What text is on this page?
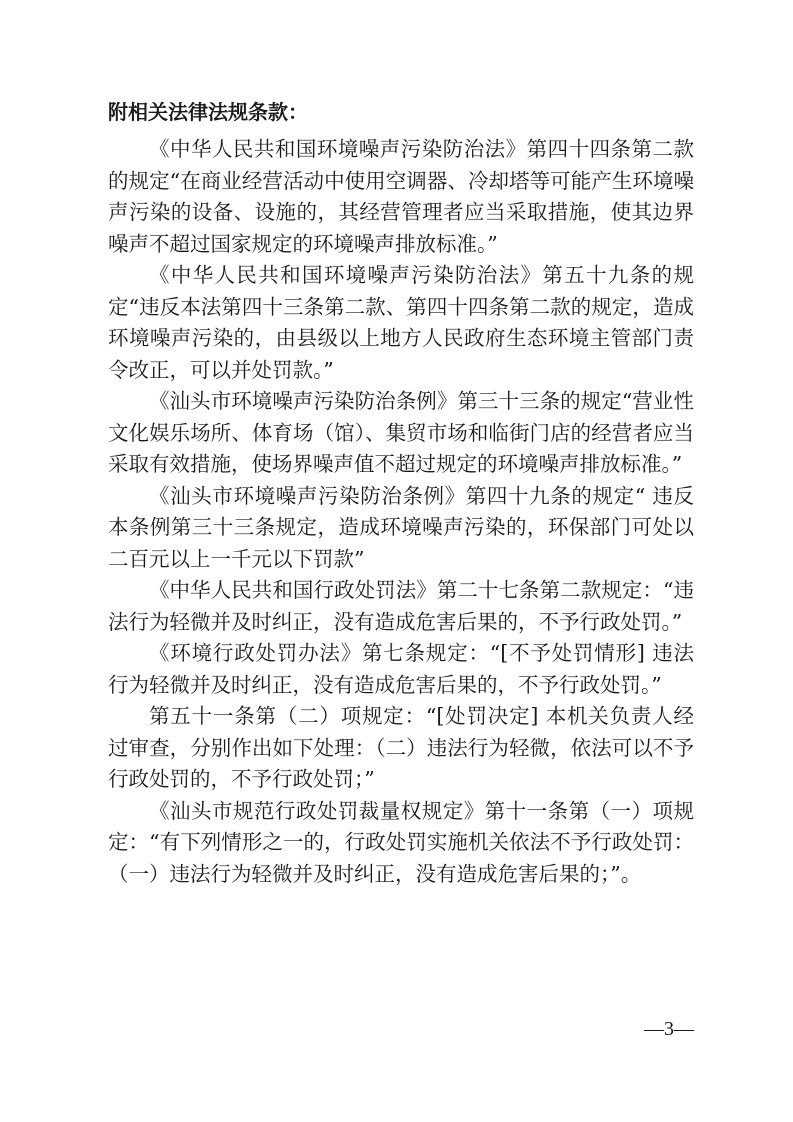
附相关法律法规条款：

《中华人民共和国环境噪声污染防治法》第四十四条第二款的规定“在商业经营活动中使用空调器、冷却塔等可能产生环境噪声污染的设备、设施的，其经营管理者应当采取措施，使其边界噪声不超过国家规定的环境噪声排放标准。”

《中华人民共和国环境噪声污染防治法》第五十九条的规定“违反本法第四十三条第二款、第四十四条第二款的规定，造成环境噪声污染的，由县级以上地方人民政府生态环境主管部门责令改正，可以并处罚款。”

《汕头市环境噪声污染防治条例》第三十三条的规定“营业性文化娱乐场所、体育场（馆）、集贸市场和临街门店的经营者应当采取有效措施，使场界噪声值不超过规定的环境噪声排放标准。”

《汕头市环境噪声污染防治条例》第四十九条的规定“ 违反本条例第三十三条规定，造成环境噪声污染的，环保部门可处以二百元以上一千元以下罚款”

《中华人民共和国行政处罚法》第二十七条第二款规定：“违法行为轻微并及时纠正，没有造成危害后果的，不予行政处罚。”

《环境行政处罚办法》第七条规定：“[不予处罚情形] 违法行为轻微并及时纠正，没有造成危害后果的，不予行政处罚。”

第五十一条第（二）项规定：“[处罚决定] 本机关负责人经过审查，分别作出如下处理：（二）违法行为轻微，依法可以不予行政处罚的，不予行政处罚；”

《汕头市规范行政处罚裁量权规定》第十一条第（一）项规定：“有下列情形之一的，行政处罚实施机关依法不予行政处罚：（一）违法行为轻微并及时纠正，没有造成危害后果的；”。

—3—
